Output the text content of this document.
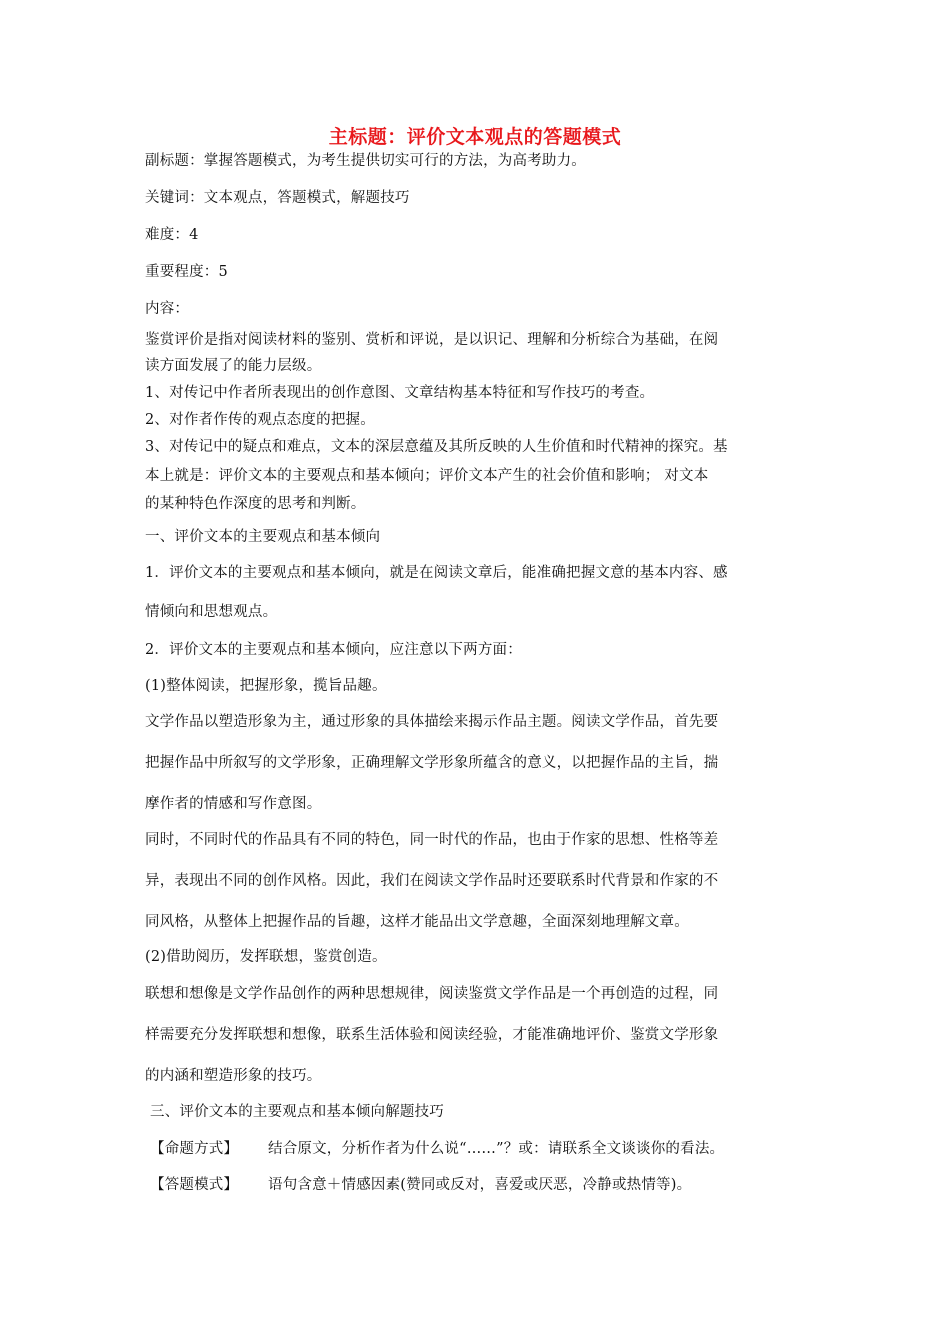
主标题：评价文本观点的答题模式
副标题：掌握答题模式，为考生提供切实可行的方法，为高考助力。
关键词：文本观点，答题模式，解题技巧
难度：4
重要程度：5
内容：
鉴赏评价是指对阅读材料的鉴别、赏析和评说，是以识记、理解和分析综合为基础，在阅
读方面发展了的能力层级。
1、对传记中作者所表现出的创作意图、文章结构基本特征和写作技巧的考查。
2、对作者作传的观点态度的把握。
3、对传记中的疑点和难点，文本的深层意蕴及其所反映的人生价值和时代精神的探究。基
本上就是：评价文本的主要观点和基本倾向；评价文本产生的社会价值和影响； 对文本
的某种特色作深度的思考和判断。
一、评价文本的主要观点和基本倾向
1．评价文本的主要观点和基本倾向，就是在阅读文章后，能准确把握文意的基本内容、感
情倾向和思想观点。
2．评价文本的主要观点和基本倾向，应注意以下两方面：
(1)整体阅读，把握形象，揽旨品趣。
文学作品以塑造形象为主，通过形象的具体描绘来揭示作品主题。阅读文学作品，首先要
把握作品中所叙写的文学形象，正确理解文学形象所蕴含的意义，以把握作品的主旨，揣
摩作者的情感和写作意图。
同时，不同时代的作品具有不同的特色，同一时代的作品，也由于作家的思想、性格等差
异，表现出不同的创作风格。因此，我们在阅读文学作品时还要联系时代背景和作家的不
同风格，从整体上把握作品的旨趣，这样才能品出文学意趣，全面深刻地理解文章。
(2)借助阅历，发挥联想，鉴赏创造。
联想和想像是文学作品创作的两种思想规律，阅读鉴赏文学作品是一个再创造的过程，同
样需要充分发挥联想和想像，联系生活体验和阅读经验，才能准确地评价、鉴赏文学形象
的内涵和塑造形象的技巧。
三、评价文本的主要观点和基本倾向解题技巧
【命题方式】 结合原文，分析作者为什么说“……”？或：请联系全文谈谈你的看法。
【答题模式】 语句含意＋情感因素(赞同或反对，喜爱或厌恶，冷静或热情等)。
